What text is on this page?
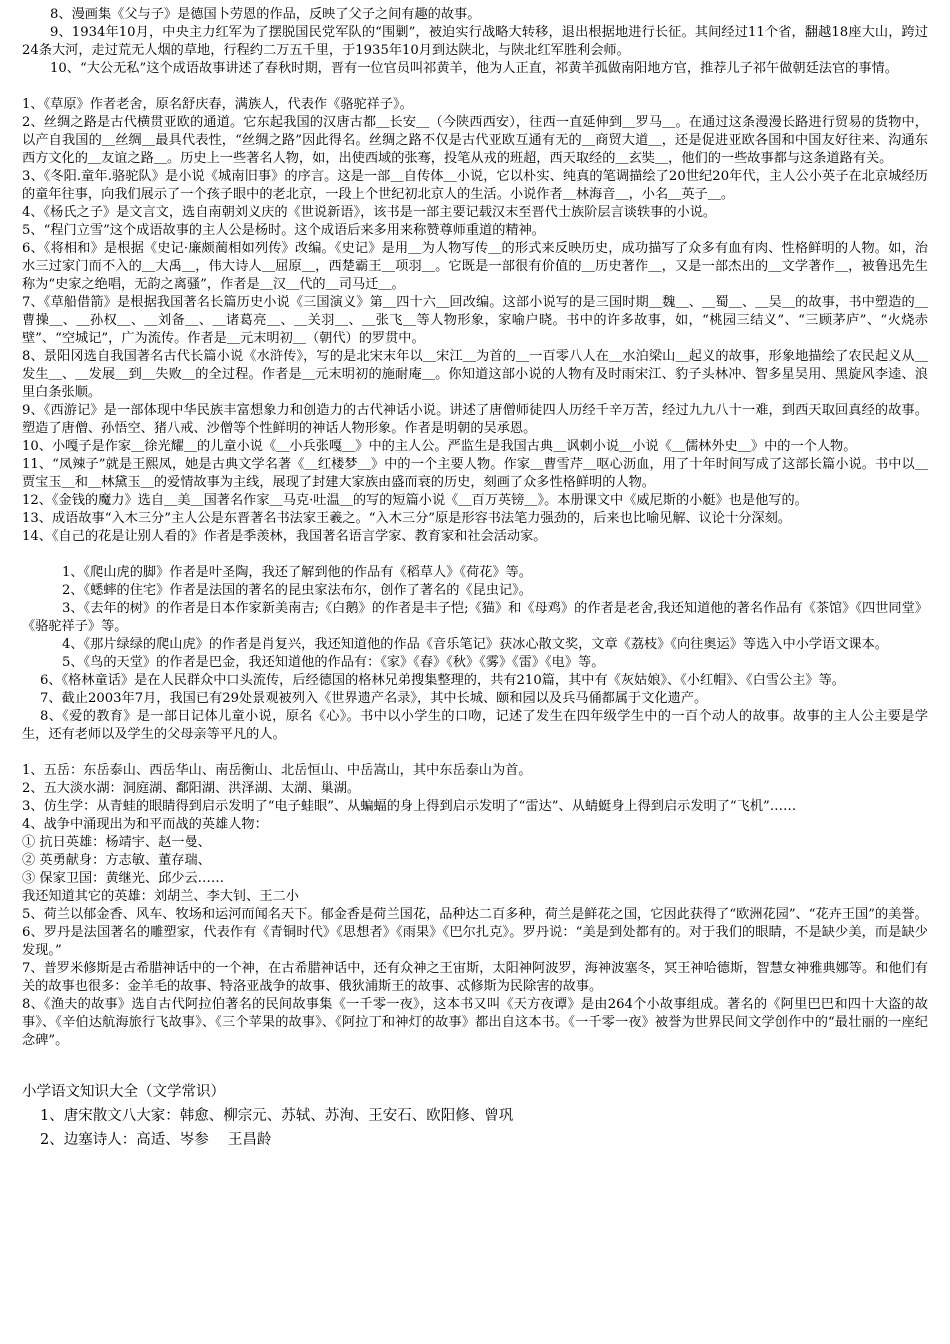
8、漫画集《父与子》是德国卜劳恩的作品，反映了父子之间有趣的故事。

9、1934年10月，中央主力红军为了摆脱国民党军队的“围剿”，被迫实行战略大转移，退出根据地进行长征。其间经过11个省，翻越18座大山，跨过24条大河，走过荒无人烟的草地，行程约二万五千里，于1935年10月到达陕北，与陕北红军胜利会师。

10、“大公无私”这个成语故事讲述了春秋时期，晋有一位官员叫祁黄羊，他为人正直，祁黄羊孤做南阳地方官，推荐儿子祁午做朝廷法官的事情。

1、《草原》作者老舍，原名舒庆春，满族人，代表作《骆驼祥子》。

2、丝绸之路是古代横贯亚欧的通道。它东起我国的汉唐古都＿长安＿（今陕西西安），往西一直延伸到＿罗马＿。在通过这条漫漫长路进行贸易的货物中，以产自我国的＿丝绸＿最具代表性，“丝绸之路”因此得名。丝绸之路不仅是古代亚欧互通有无的＿商贸大道＿，还是促进亚欧各国和中国友好往来、沟通东西方文化的＿友谊之路＿。历史上一些著名人物，如，出使西域的张骞，投笔从戎的班超，西天取经的＿玄奘＿，他们的一些故事都与这条道路有关。

3、《冬阳.童年.骆驼队》是小说《城南旧事》的序言。这是一部＿自传体＿小说，它以朴实、纯真的笔调描绘了20世纪20年代，主人公小英子在北京城经历的童年往事，向我们展示了一个孩子眼中的老北京，一段上个世纪初北京人的生活。小说作者＿林海音＿，小名＿英子＿。

4、《杨氏之子》是文言文，选自南朝刘义庆的《世说新语》，该书是一部主要记载汉末至晋代士族阶层言谈轶事的小说。

5、“程门立雪”这个成语故事的主人公是杨时。这个成语后来多用来称赞尊师重道的精神。

6、《将相和》是根据《史记·廉颇蔺相如列传》改编。《史记》是用＿为人物写传＿的形式来反映历史，成功描写了众多有血有肉、性格鲜明的人物。如，治水三过家门而不入的＿大禹＿，伟大诗人＿屈原＿，西楚霸王＿项羽＿。它既是一部很有价值的＿历史著作＿，又是一部杰出的＿文学著作＿，被鲁迅先生称为“史家之绝唱，无韵之离骚”，作者是＿汉＿代的＿司马迁＿。

7、《草船借箭》是根据我国著名长篇历史小说《三国演义》第＿四十六＿回改编。这部小说写的是三国时期＿魏＿、＿蜀＿、＿吴＿的故事，书中塑造的＿曹操＿、＿孙权＿、＿刘备＿、＿诸葛亮＿、＿关羽＿、＿张飞＿等人物形象，家喻户晓。书中的许多故事，如，“桃园三结义”、“三顾茅庐”、“火烧赤壁”、“空城记”，广为流传。作者是＿元末明初＿（朝代）的罗贯中。

8、景阳冈选自我国著名古代长篇小说《水浒传》，写的是北宋末年以＿宋江＿为首的＿一百零八人在＿水泊梁山＿起义的故事，形象地描绘了农民起义从＿发生＿、＿发展＿到＿失败＿的全过程。作者是＿元末明初的施耐庵＿。你知道这部小说的人物有及时雨宋江、豹子头林冲、智多星吴用、黑旋风李逵、浪里白条张顺。

9、《西游记》是一部体现中华民族丰富想象力和创造力的古代神话小说。讲述了唐僧师徒四人历经千辛万苦，经过九九八十一难，到西天取回真经的故事。塑造了唐僧、孙悟空、猪八戒、沙僧等个性鲜明的神话人物形象。作者是明朝的吴承恩。

10、小嘎子是作家＿徐光耀＿的儿童小说《＿小兵张嘎＿》中的主人公。严监生是我国古典＿讽刺小说＿小说《＿儒林外史＿》中的一个人物。

11、“凤辣子”就是王熙凤，她是古典文学名著《＿红楼梦＿》中的一个主要人物。作家＿曹雪芹＿呕心沥血，用了十年时间写成了这部长篇小说。书中以＿贾宝玉＿和＿林黛玉＿的爱情故事为主线，展现了封建大家族由盛而衰的历史，刻画了众多性格鲜明的人物。

12、《金钱的魔力》选自＿美＿国著名作家＿马克·吐温＿的写的短篇小说《＿百万英镑＿》。本册课文中《威尼斯的小艇》也是他写的。

13、成语故事“入木三分”主人公是东晋著名书法家王羲之。“入木三分”原是形容书法笔力强劲的，后来也比喻见解、议论十分深刻。

14、《自己的花是让别人看的》作者是季羡林，我国著名语言学家、教育家和社会活动家。

1、《爬山虎的脚》作者是叶圣陶，我还了解到他的作品有《稻草人》《荷花》等。

2、《蟋蟀的住宅》作者是法国的著名的昆虫家法布尔，创作了著名的《昆虫记》。

3、《去年的树》的作者是日本作家新美南吉;《白鹅》的作者是丰子恺;《猫》和《母鸡》的作者是老舍,我还知道他的著名作品有《茶馆》《四世同堂》《骆驼祥子》等。

4、《那片绿绿的爬山虎》的作者是肖复兴，我还知道他的作品《音乐笔记》获冰心散文奖，文章《荔枝》《向往奥运》等选入中小学语文课本。

5、《鸟的天堂》的作者是巴金，我还知道他的作品有：《家》《春》《秋》《雾》《雷》《电》等。

6、《格林童话》是在人民群众中口头流传，后经德国的格林兄弟搜集整理的，共有210篇，其中有《灰姑娘》、《小红帽》、《白雪公主》等。

7、截止2003年7月，我国已有29处景观被列入《世界遗产名录》，其中长城、颐和园以及兵马俑都属于文化遗产。

8、《爱的教育》是一部日记体儿童小说，原名《心》。书中以小学生的口吻，记述了发生在四年级学生中的一百个动人的故事。故事的主人公主要是学生，还有老师以及学生的父母亲等平凡的人。

1、五岳：东岳泰山、西岳华山、南岳衡山、北岳恒山、中岳嵩山，其中东岳泰山为首。

2、五大淡水湖：洞庭湖、鄱阳湖、洪泽湖、太湖、巢湖。

3、仿生学：从青蛙的眼睛得到启示发明了“电子蛙眼”、从蝙蝠的身上得到启示发明了“雷达”、从蜻蜓身上得到启示发明了“飞机”……

4、战争中涌现出为和平而战的英雄人物：

① 抗日英雄：杨靖宇、赵一曼、

② 英勇献身：方志敏、董存瑞、

③ 保家卫国：黄继光、邱少云……

我还知道其它的英雄：刘胡兰、李大钊、王二小

5、荷兰以郁金香、风车、牧场和运河而闻名天下。郁金香是荷兰国花，品种达二百多种，荷兰是鲜花之国，它因此获得了“欧洲花园”、“花卉王国”的美誉。

6、罗丹是法国著名的雕塑家，代表作有《青铜时代》《思想者》《雨果》《巴尔扎克》。罗丹说：“美是到处都有的。对于我们的眼睛，不是缺少美，而是缺少发现。”

7、普罗米修斯是古希腊神话中的一个神，在古希腊神话中，还有众神之王宙斯，太阳神阿波罗，海神波塞冬，冥王神哈德斯，智慧女神雅典娜等。和他们有关的故事也很多：金羊毛的故事、特洛亚战争的故事、俄狄浦斯王的故事、忒修斯为民除害的故事。

8、《渔夫的故事》选自古代阿拉伯著名的民间故事集《一千零一夜》，这本书又叫《天方夜谭》是由264个小故事组成。著名的《阿里巴巴和四十大盗的故事》、《辛伯达航海旅行飞故事》、《三个苹果的故事》、《阿拉丁和神灯的故事》都出自这本书。《一千零一夜》被誉为世界民间文学创作中的“最壮丽的一座纪念碑”。

小学语文知识大全（文学常识）

1、唐宋散文八大家：韩愈、柳宗元、苏轼、苏洵、王安石、欧阳修、曾巩

2、边塞诗人：高适、岑参　 王昌龄
